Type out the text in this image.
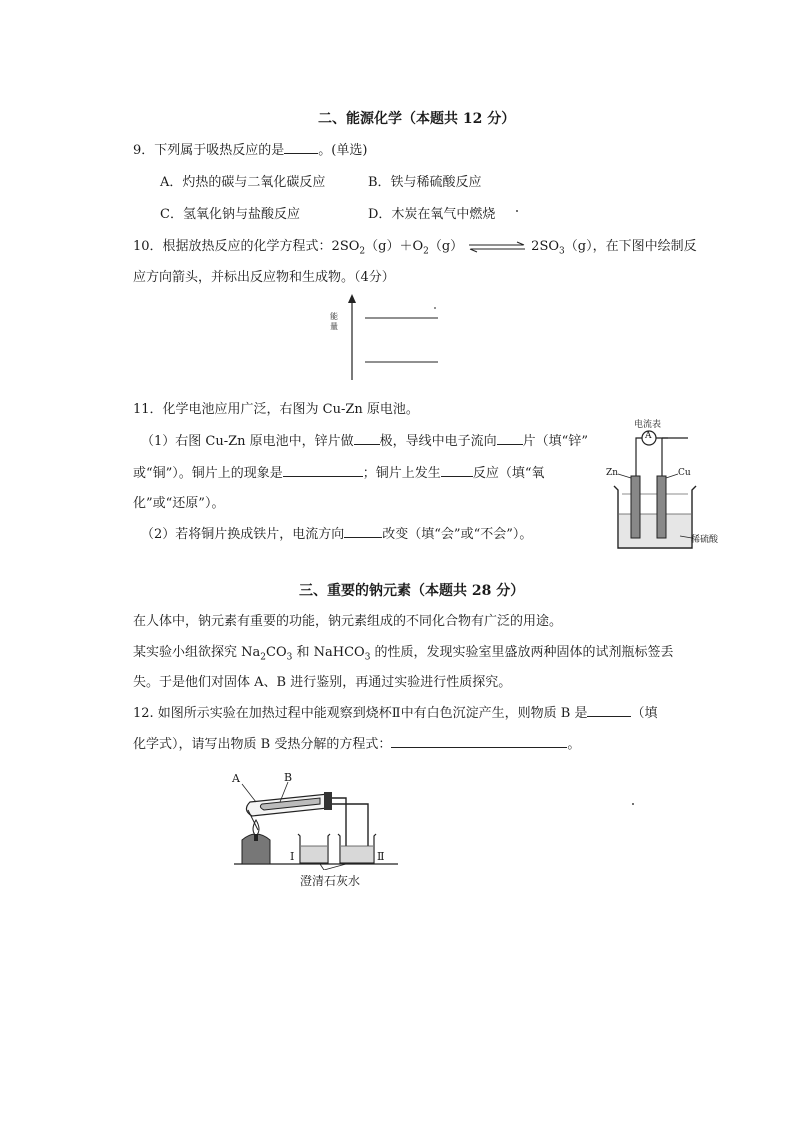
二、能源化学（本题共 12 分）
9．下列属于吸热反应的是	。(单选)
A．灼热的碳与二氧化碳反应	B．铁与稀硫酸反应
C．氢氧化钠与盐酸反应	D．木炭在氧气中燃烧
10．根据放热反应的化学方程式：$2SO_2(g)+O_2(g)$	$2SO_3(g)$，在下图中绘制反
应方向箭头，并标出反应物和生成物。（4分）
能量
11．化学电池应用广泛，右图为 Cu-Zn 原电池。
（1）右图 Cu-Zn 原电池中，锌片做 极，导线中电子流向 片（填“锌”
或“铜”）。铜片上的现象是	；铜片上发生 反应（填“氧
化”或“还原”）。
（2）若将铜片换成铁片，电流方向	改变（填“会”或“不会”）。
电流表
A
Zn	Cu
稀硫酸
三、重要的钠元素（本题共 28 分）
在人体中，钠元素有重要的功能，钠元素组成的不同化合物有广泛的用途。
某实验小组欲探究 $Na_2CO_3$ 和 NaHCO$_3$ 的性质，发现实验室里盛放两种固体的试剂瓶标签丢
失。于是他们对固体 A、B 进行鉴别，再通过实验进行性质探究。
12. 如图所示实验在加热过程中能观察到烧杯Ⅱ中有白色沉淀产生，则物质 B 是	（填
化学式），请写出物质 B 受热分解的方程式：	。
A	B
Ⅰ	Ⅱ
澄清石灰水
